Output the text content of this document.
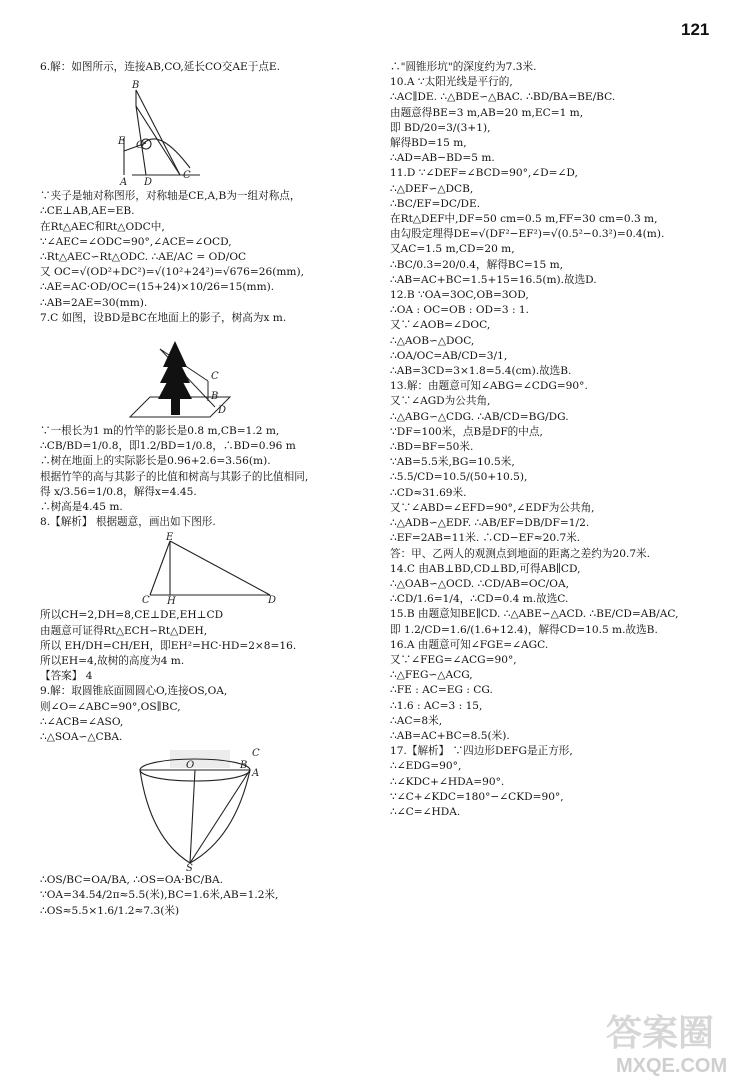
121
6.解：如图所示，连接AB,CO,延长CO交AE于点E.
B
E O
A D
C
∵夹子是轴对称图形，对称轴是CE,A,B为一组对称点，
∴CE⊥AB,AE=EB.
在Rt△AEC和Rt△ODC中,
∵∠AEC=∠ODC=90°,∠ACE=∠OCD,
∴Rt△AEC∽Rt△ODC. ∴AE/AC = OD/OC
又 OC=√(OD²+DC²)=√(10²+24²)=√676=26(mm),
∴AE=AC·OD/OC=(15+24)×10/26=15(mm).
∴AB=2AE=30(mm).
7.C 如图，设BD是BC在地面上的影子，树高为x m.
C
B
D
∵一根长为1 m的竹竿的影长是0.8 m,CB=1.2 m,
∴CB/BD=1/0.8，即1.2/BD=1/0.8，∴BD=0.96 m
∴树在地面上的实际影长是0.96+2.6=3.56(m).
根据竹竿的高与其影子的比值和树高与其影子的比值相同,
得 x/3.56=1/0.8，解得x=4.45.
∴树高是4.45 m.
8.【解析】 根据题意，画出如下图形.
E
C H	D
所以CH=2,DH=8,CE⊥DE,EH⊥CD
由题意可证得Rt△ECH∽Rt△DEH,
所以 EH/DH=CH/EH，即EH²=HC·HD=2×8=16.
所以EH=4,故树的高度为4 m.
【答案】 4
9.解：取圆锥底面圆圆心O,连接OS,OA,
则∠O=∠ABC=90°,OS∥BC,
∴∠ACB=∠ASO,
∴△SOA∽△CBA.
O
A
C
B
S
∴OS/BC=OA/BA, ∴OS=OA·BC/BA.
∵OA=34.54/2π≈5.5(米),BC=1.6米,AB=1.2米,
∴OS≈5.5×1.6/1.2≈7.3(米)
∴"圆锥形坑"的深度约为7.3米.
10.A ∵太阳光线是平行的,
∴AC∥DE. ∴△BDE∽△BAC. ∴BD/BA=BE/BC.
由题意得BE=3 m,AB=20 m,EC=1 m,
即 BD/20=3/(3+1),
解得BD=15 m,
∴AD=AB−BD=5 m.
11.D ∵∠DEF=∠BCD=90°,∠D=∠D,
∴△DEF∽△DCB,
∴BC/EF=DC/DE.
在Rt△DEF中,DF=50 cm=0.5 m,FF=30 cm=0.3 m,
由勾股定理得DE=√(DF²−EF²)=√(0.5²−0.3²)=0.4(m).
又AC=1.5 m,CD=20 m,
∴BC/0.3=20/0.4，解得BC=15 m,
∴AB=AC+BC=1.5+15=16.5(m).故选D.
12.B ∵OA=3OC,OB=3OD,
∴OA : OC=OB : OD=3 : 1.
又∵∠AOB=∠DOC,
∴△AOB∽△DOC,
∴OA/OC=AB/CD=3/1,
∴AB=3CD=3×1.8=5.4(cm).故选B.
13.解：由题意可知∠ABG=∠CDG=90°.
又∵∠AGD为公共角,
∴△ABG∽△CDG. ∴AB/CD=BG/DG.
∵DF=100米，点B是DF的中点,
∴BD=BF=50米.
∵AB=5.5米,BG=10.5米,
∴5.5/CD=10.5/(50+10.5),
∴CD≈31.69米.
又∵∠ABD=∠EFD=90°,∠EDF为公共角,
∴△ADB∽△EDF. ∴AB/EF=DB/DF=1/2.
∴EF=2AB=11米. ∴CD−EF≈20.7米.
答：甲、乙两人的观测点到地面的距离之差约为20.7米.
14.C 由AB⊥BD,CD⊥BD,可得AB∥CD,
∴△OAB∽△OCD. ∴CD/AB=OC/OA,
∴CD/1.6=1/4，∴CD=0.4 m.故选C.
15.B 由题意知BE∥CD. ∴△ABE∽△ACD. ∴BE/CD=AB/AC,
即 1.2/CD=1.6/(1.6+12.4)，解得CD=10.5 m.故选B.
16.A 由题意可知∠FGE=∠AGC.
又∵∠FEG=∠ACG=90°,
∴△FEG∽△ACG,
∴FE : AC=EG : CG.
∴1.6 : AC=3 : 15,
∴AC=8米,
∴AB=AC+BC=8.5(米).
17.【解析】 ∵四边形DEFG是正方形,
∴∠EDG=90°,
∴∠KDC+∠HDA=90°.
∵∠C+∠KDC=180°−∠CKD=90°,
∴∠C=∠HDA.
答案圈
MXQE.COM
